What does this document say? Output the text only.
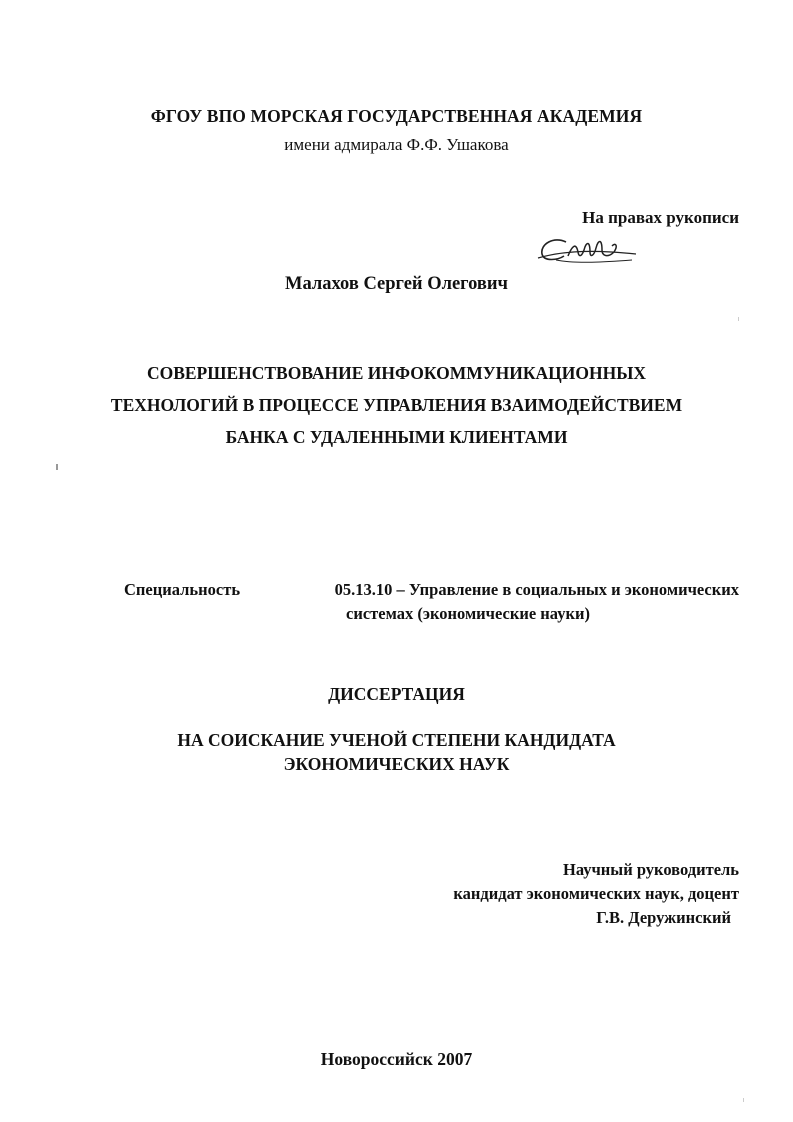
ФГОУ ВПО МОРСКАЯ ГОСУДАРСТВЕННАЯ АКАДЕМИЯ
имени адмирала Ф.Ф. Ушакова
На правах рукописи
Малахов Сергей Олегович
СОВЕРШЕНСТВОВАНИЕ ИНФОКОММУНИКАЦИОННЫХ
ТЕХНОЛОГИЙ В ПРОЦЕССЕ УПРАВЛЕНИЯ ВЗАИМОДЕЙСТВИЕМ
БАНКА С УДАЛЕННЫМИ КЛИЕНТАМИ
Специальность	05.13.10 – Управление в социальных и экономических
системах (экономические науки)
ДИССЕРТАЦИЯ
НА СОИСКАНИЕ УЧЕНОЙ СТЕПЕНИ КАНДИДАТА
ЭКОНОМИЧЕСКИХ НАУК
Научный руководитель
кандидат экономических наук, доцент
Г.В. Деружинский
Новороссийск 2007
